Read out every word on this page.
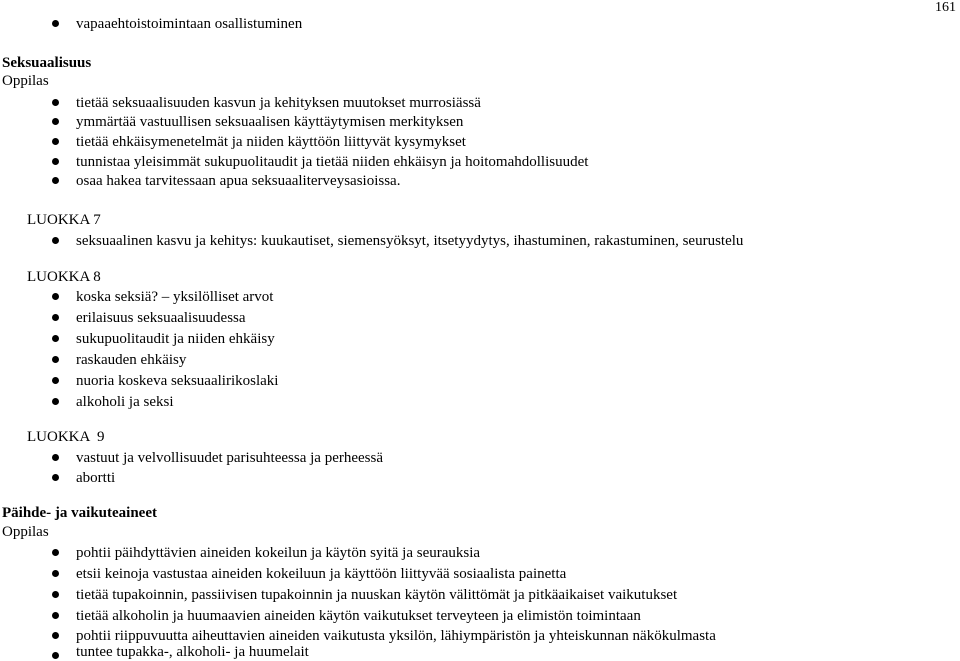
161
vapaaehtoistoimintaan osallistuminen
Seksuaalisuus
Oppilas
tietää seksuaalisuuden kasvun ja kehityksen muutokset murrosiässä
ymmärtää vastuullisen seksuaalisen käyttäytymisen merkityksen
tietää ehkäisymenetelmät ja niiden käyttöön liittyvät kysymykset
tunnistaa yleisimmät sukupuolitaudit ja tietää niiden ehkäisyn ja hoitomahdollisuudet
osaa hakea tarvitessaan apua seksuaaliterveysasioissa.
LUOKKA 7
seksuaalinen kasvu ja kehitys: kuukautiset, siemensyöksyt, itsetyydytys, ihastuminen, rakastuminen, seurustelu
LUOKKA 8
koska seksiä? – yksilölliset arvot
erilaisuus seksuaalisuudessa
sukupuolitaudit ja niiden ehkäisy
raskauden ehkäisy
nuoria koskeva seksuaalirikoslaki
alkoholi ja seksi
LUOKKA  9
vastuut ja velvollisuudet parisuhteessa ja perheessä
abortti
Päihde- ja vaikuteaineet
Oppilas
pohtii päihdyttävien aineiden kokeilun ja käytön syitä ja seurauksia
etsii keinoja vastustaa aineiden kokeiluun ja käyttöön liittyvää sosiaalista painetta
tietää tupakoinnin, passiivisen tupakoinnin ja nuuskan käytön välittömät ja pitkäaikaiset vaikutukset
tietää alkoholin ja huumaavien aineiden käytön vaikutukset terveyteen ja elimistön toimintaan
pohtii riippuvuutta aiheuttavien aineiden vaikutusta yksilön, lähiympäristön ja yhteiskunnan näkökulmasta
tuntee tupakka-, alkoholi- ja huumelait
